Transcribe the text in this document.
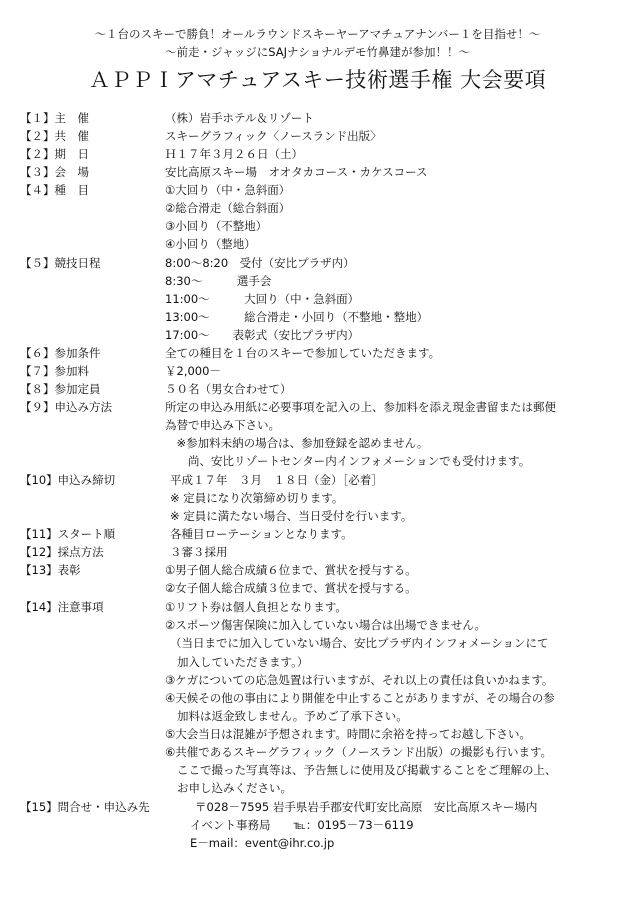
～１台のスキーで勝負！オールラウンドスキーヤーアマチュアナンバー１を目指せ！～
～前走・ジャッジにSAJナショナルデモ竹鼻建が参加！！～
ＡＰＰＩアマチュアスキー技術選手権 大会要項
【１】主　催	（株）岩手ホテル＆リゾート
【２】共　催	スキーグラフィック〈ノースランド出版〉
【２】期　日	Ｈ１７年３月２６日（土）
【３】会　場	安比高原スキー場　オオタカコース・カケスコース
【４】種　目	①大回り（中・急斜面）
②総合滑走（総合斜面）
③小回り（不整地）
④小回り（整地）
【５】競技日程	8:00～8:20　受付（安比プラザ内）
8:30～　　　選手会
11:00～　　　大回り（中・急斜面）
13:00～　　　総合滑走・小回り（不整地・整地）
17:00～　　表彰式（安比プラザ内）
【６】参加条件	全ての種目を１台のスキーで参加していただきます。
【７】参加料	￥2,000－
【８】参加定員	５０名（男女合わせて）
【９】申込み方法	所定の申込み用紙に必要事項を記入の上、参加料を添え現金書留または郵便
為替で申込み下さい。
　※参加料未納の場合は、参加登録を認めません。
　　尚、安比リゾートセンター内インフォメーションでも受付けます。
【10】申込み締切	平成１７年　３月　１８日（金）［必着］
※ 定員になり次第締め切ります。
※ 定員に満たない場合、当日受付を行います。
【11】スタート順	各種目ローテーションとなります。
【12】採点方法	３審３採用
【13】表彰	①男子個人総合成績６位まで、賞状を授与する。
②女子個人総合成績３位まで、賞状を授与する。
【14】注意事項	①リフト券は個人負担となります。
②スポーツ傷害保険に加入していない場合は出場できません。
（当日までに加入していない場合、安比プラザ内インフォメーションにて
加入していただきます。）
③ケガについての応急処置は行いますが、それ以上の責任は負いかねます。
④天候その他の事由により開催を中止することがありますが、その場合の参
加料は返金致しません。予めご了承下さい。
⑤大会当日は混雑が予想されます。時間に余裕を持ってお越し下さい。
⑥共催であるスキーグラフィック（ノースランド出版）の撮影も行います。
ここで撮った写真等は、予告無しに使用及び掲載することをご理解の上、
お申し込みください。
【15】問合せ・申込み先	〒028－7595 岩手県岩手郡安代町安比高原　安比高原スキー場内
イベント事務局　　℡：0195－73－6119
E－mail：event@ihr.co.jp
